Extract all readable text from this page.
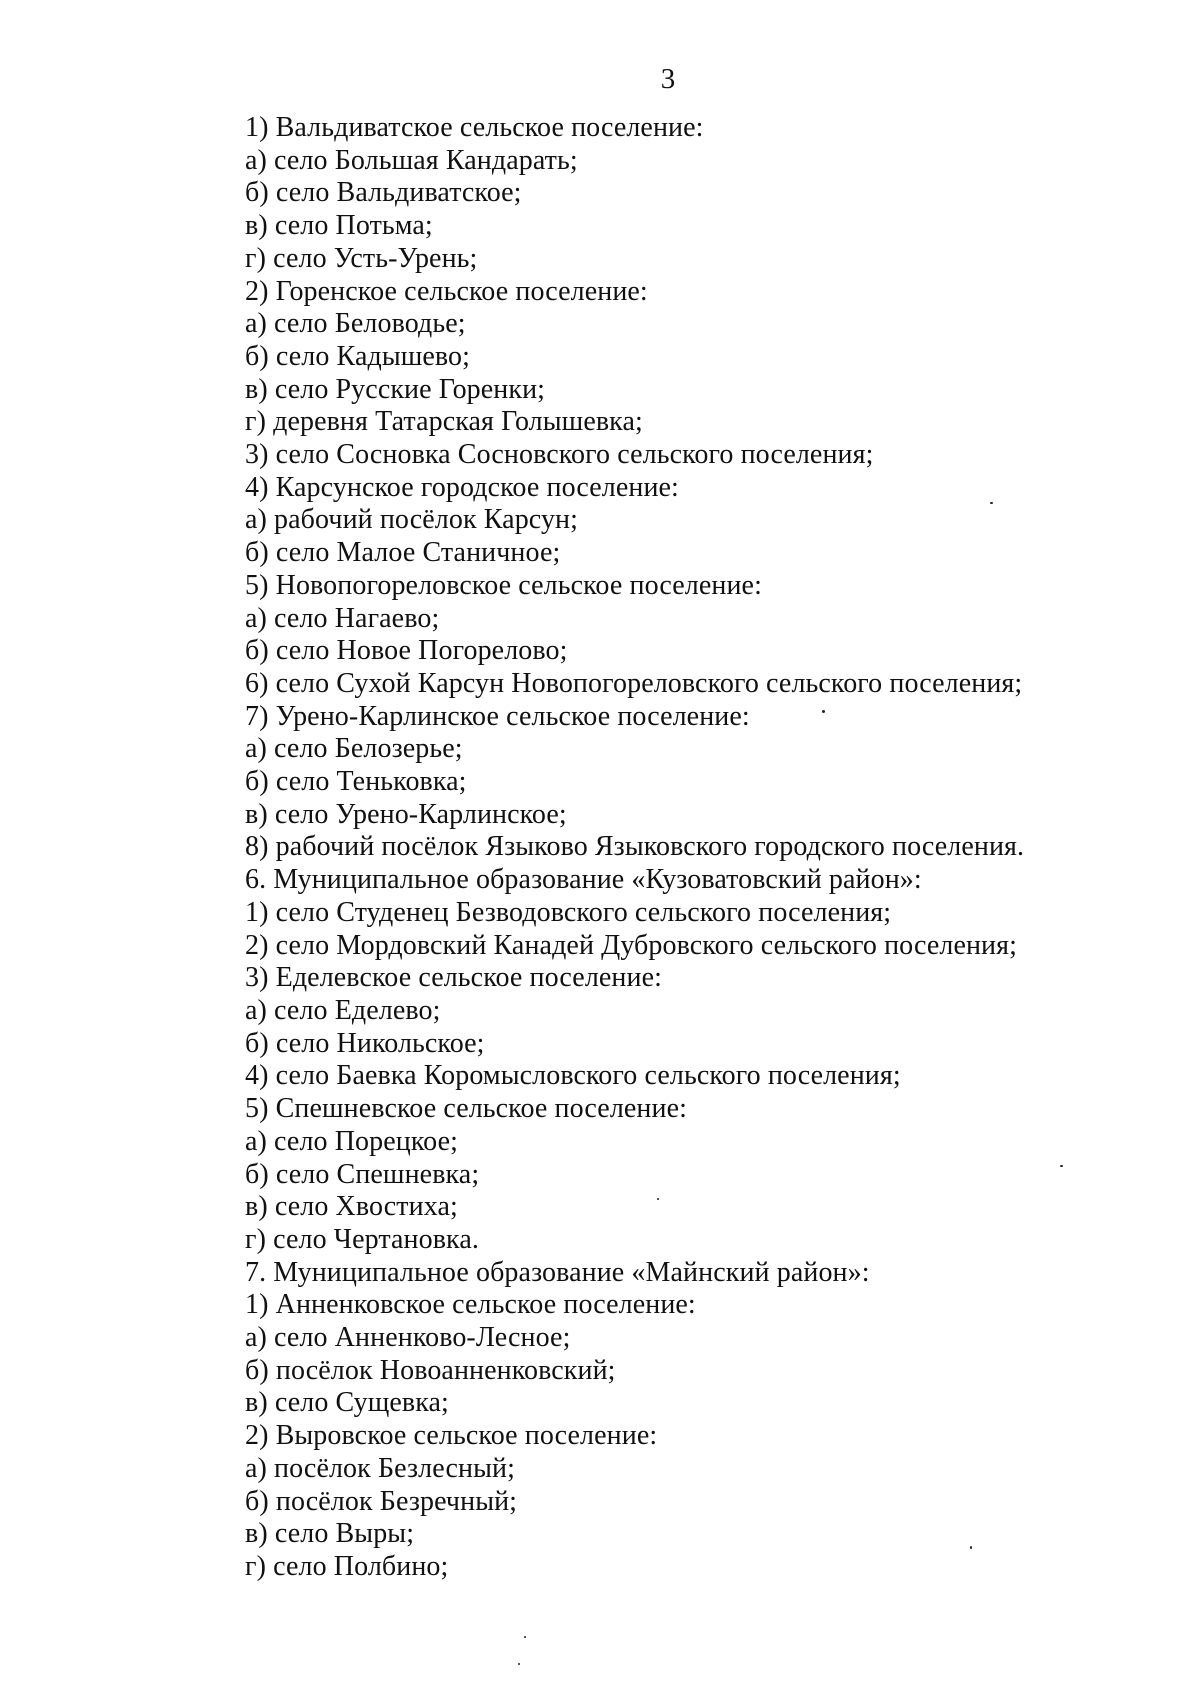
3
1) Вальдиватское сельское поселение:
а) село Большая Кандарать;
б) село Вальдиватское;
в) село Потьма;
г) село Усть-Урень;
2) Горенское сельское поселение:
а) село Беловодье;
б) село Кадышево;
в) село Русские Горенки;
г) деревня Татарская Голышевка;
3) село Сосновка Сосновского сельского поселения;
4) Карсунское городское поселение:
а) рабочий посёлок Карсун;
б) село Малое Станичное;
5) Новопогореловское сельское поселение:
а) село Нагаево;
б) село Новое Погорелово;
6) село Сухой Карсун Новопогореловского сельского поселения;
7) Урено-Карлинское сельское поселение:
а) село Белозерье;
б) село Теньковка;
в) село Урено-Карлинское;
8) рабочий посёлок Языково Языковского городского поселения.
6. Муниципальное образование «Кузоватовский район»:
1) село Студенец Безводовского сельского поселения;
2) село Мордовский Канадей Дубровского сельского поселения;
3) Еделевское сельское поселение:
а) село Еделево;
б) село Никольское;
4) село Баевка Коромысловского сельского поселения;
5) Спешневское сельское поселение:
а) село Порецкое;
б) село Спешневка;
в) село Хвостиха;
г) село Чертановка.
7. Муниципальное образование «Майнский район»:
1) Анненковское сельское поселение:
а) село Анненково-Лесное;
б) посёлок Новоанненковский;
в) село Сущевка;
2) Выровское сельское поселение:
а) посёлок Безлесный;
б) посёлок Безречный;
в) село Выры;
г) село Полбино;
